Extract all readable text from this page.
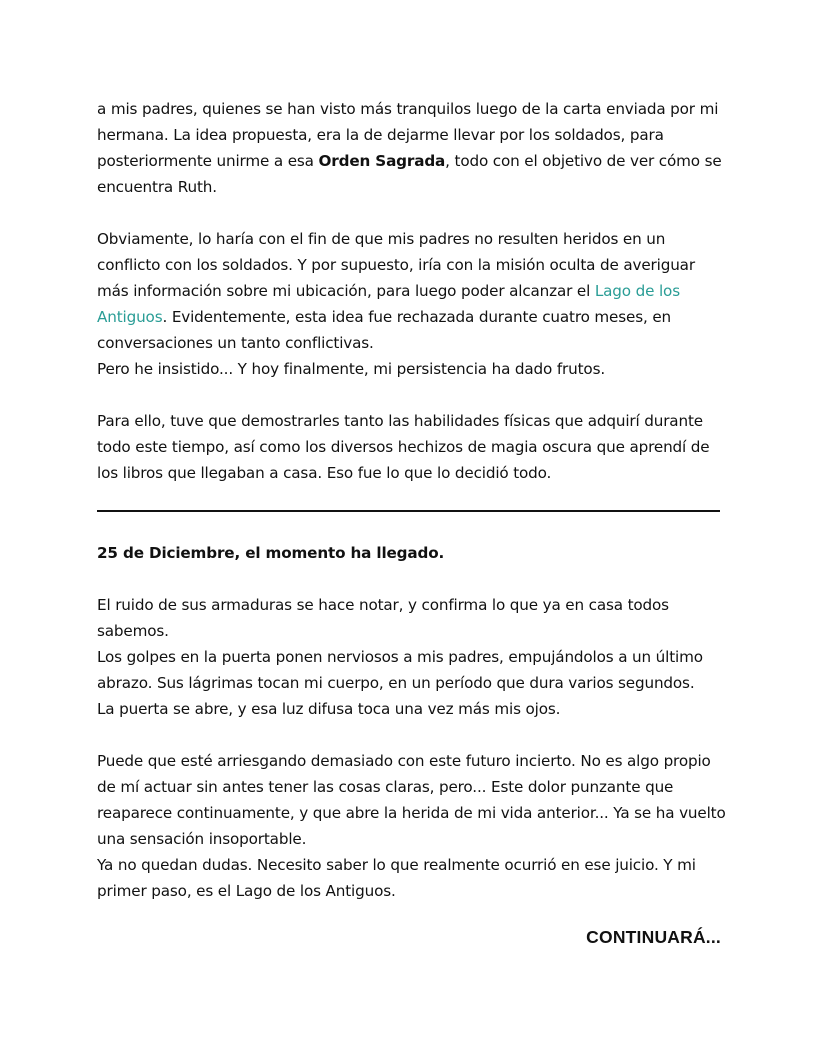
a mis padres, quienes se han visto más tranquilos luego de la carta enviada por mi hermana. La idea propuesta, era la de dejarme llevar por los soldados, para posteriormente unirme a esa Orden Sagrada, todo con el objetivo de ver cómo se encuentra Ruth.

Obviamente, lo haría con el fin de que mis padres no resulten heridos en un conflicto con los soldados. Y por supuesto, iría con la misión oculta de averiguar más información sobre mi ubicación, para luego poder alcanzar el Lago de los Antiguos. Evidentemente, esta idea fue rechazada durante cuatro meses, en conversaciones un tanto conflictivas.

Pero he insistido... Y hoy finalmente, mi persistencia ha dado frutos.

Para ello, tuve que demostrarles tanto las habilidades físicas que adquirí durante todo este tiempo, así como los diversos hechizos de magia oscura que aprendí de los libros que llegaban a casa. Eso fue lo que lo decidió todo.

25 de Diciembre, el momento ha llegado.

El ruido de sus armaduras se hace notar, y confirma lo que ya en casa todos sabemos.

Los golpes en la puerta ponen nerviosos a mis padres, empujándolos a un último abrazo. Sus lágrimas tocan mi cuerpo, en un período que dura varios segundos.

La puerta se abre, y esa luz difusa toca una vez más mis ojos.

Puede que esté arriesgando demasiado con este futuro incierto. No es algo propio de mí actuar sin antes tener las cosas claras, pero... Este dolor punzante que reaparece continuamente, y que abre la herida de mi vida anterior... Ya se ha vuelto una sensación insoportable.

Ya no quedan dudas. Necesito saber lo que realmente ocurrió en ese juicio. Y mi primer paso, es el Lago de los Antiguos.

CONTINUARÁ...
